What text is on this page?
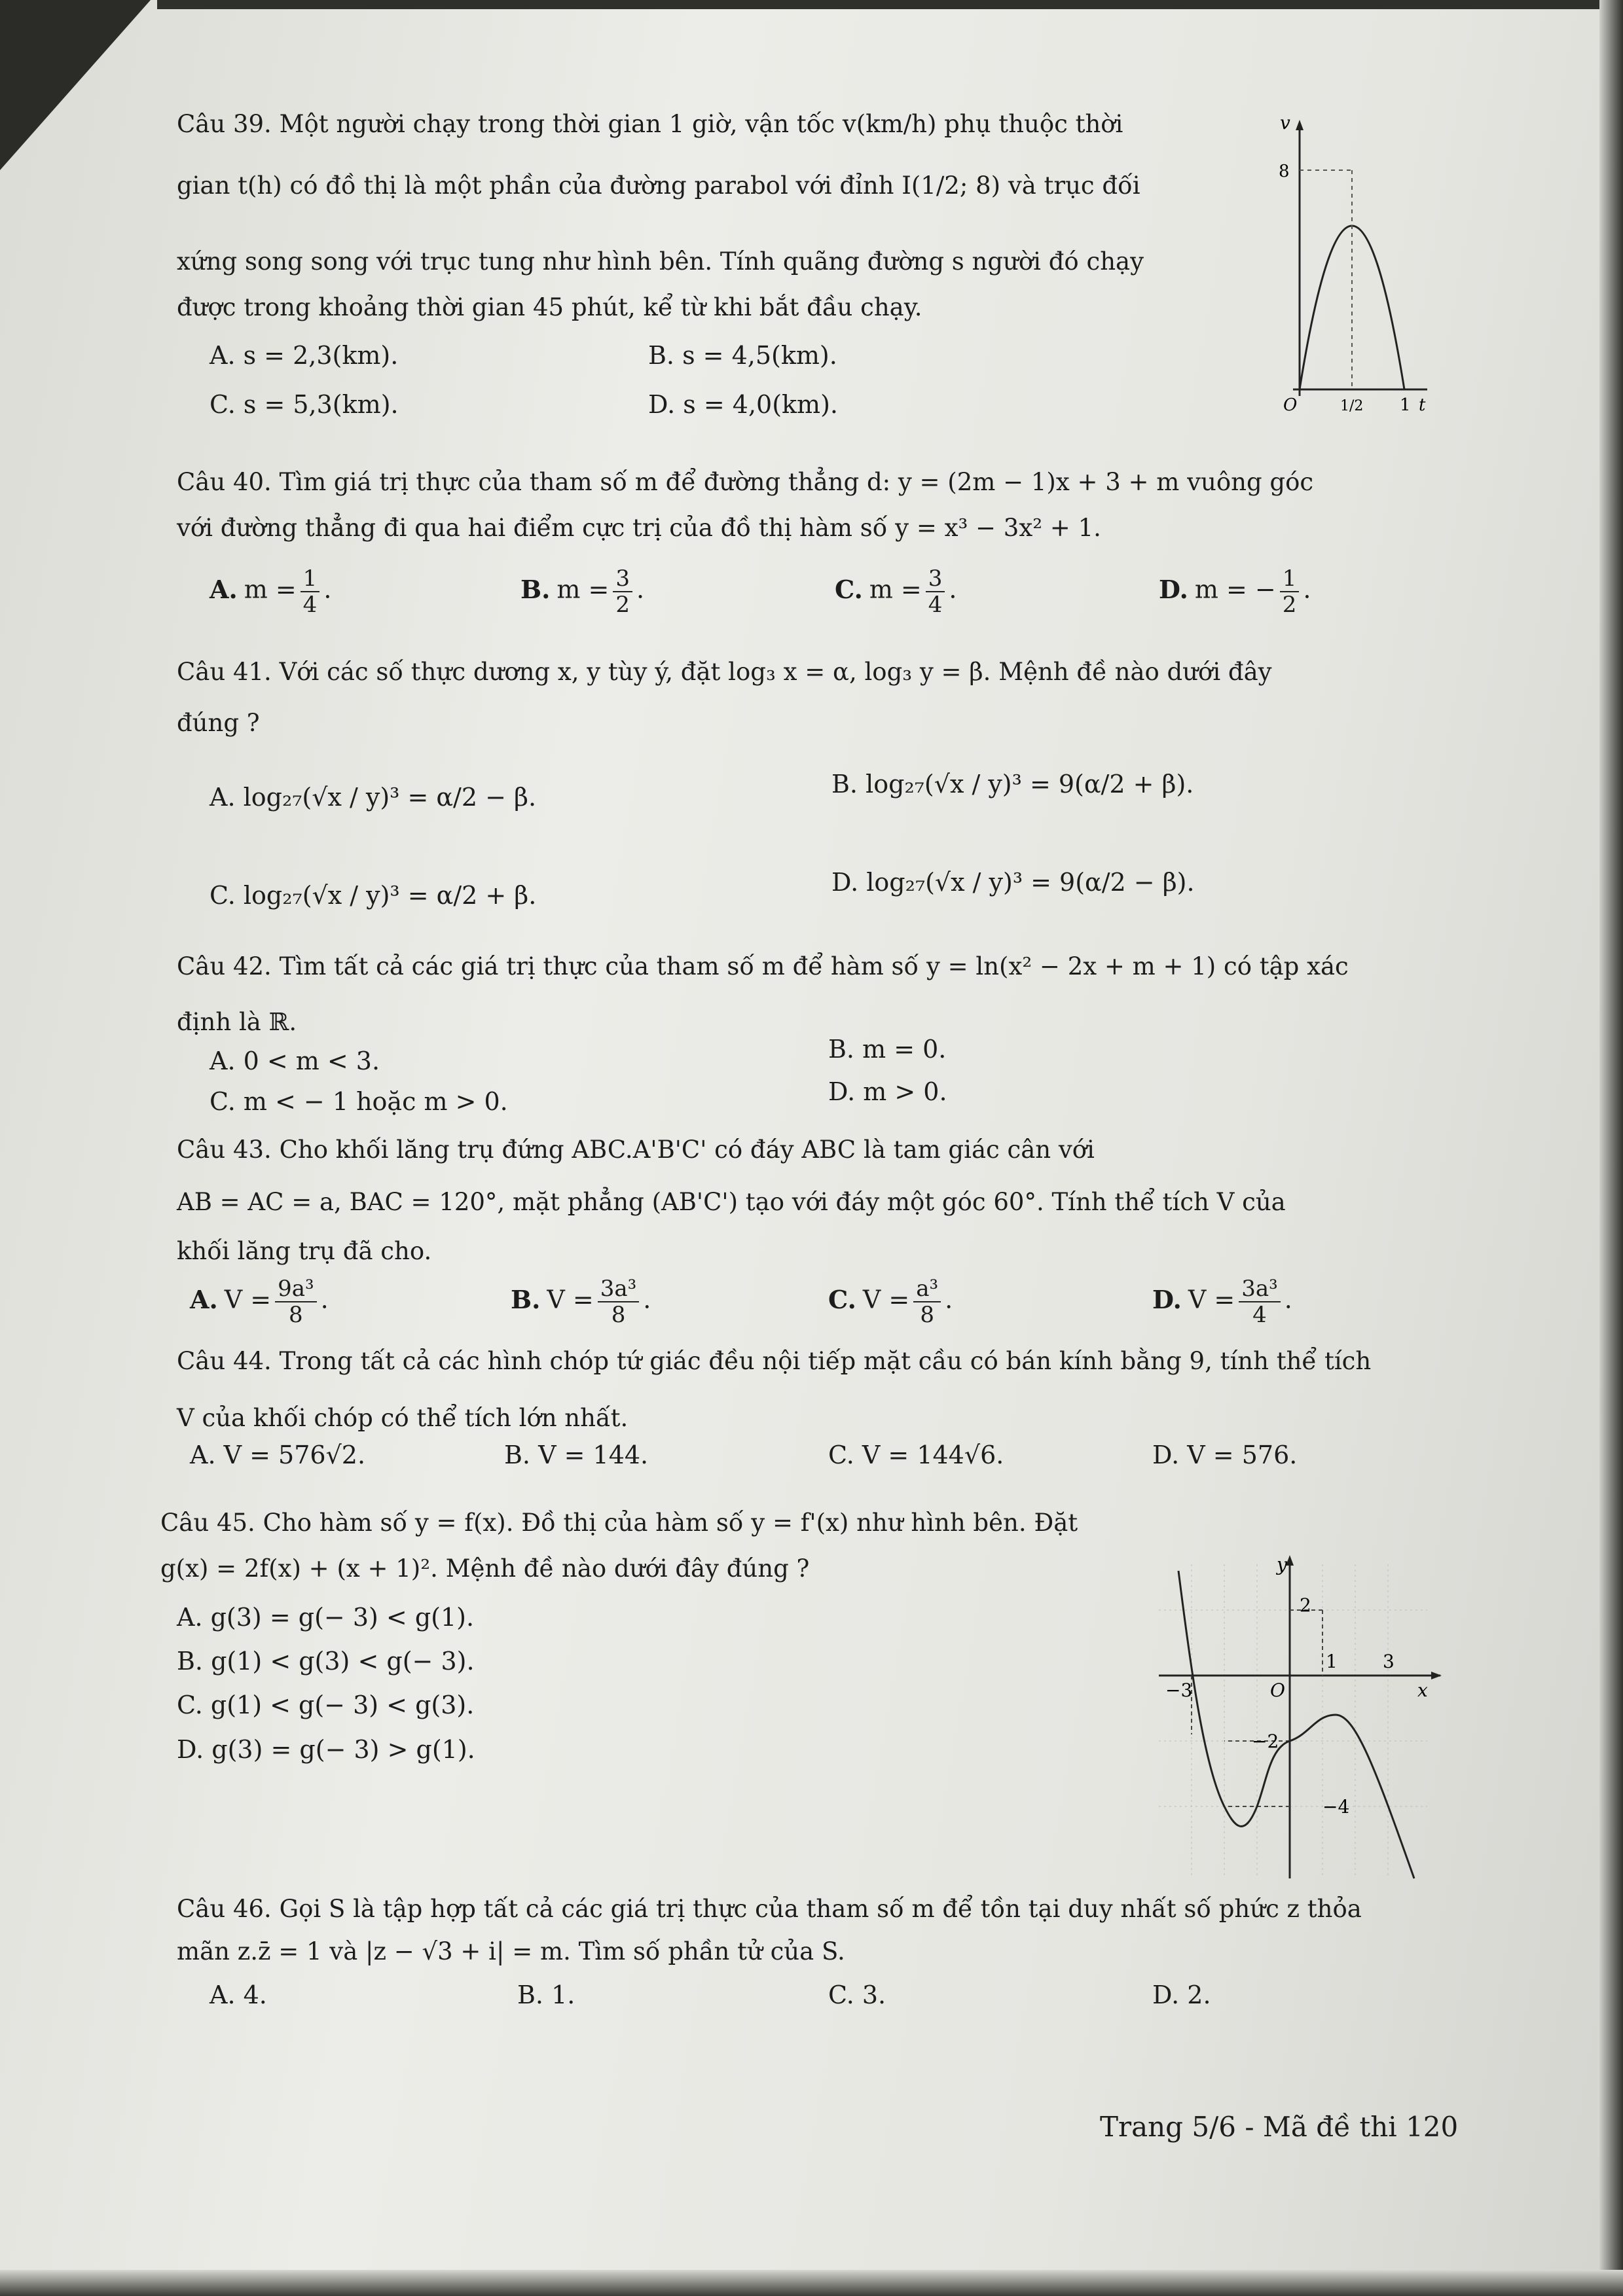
Câu 39. Một người chạy trong thời gian 1 giờ, vận tốc v(km/h) phụ thuộc thời
gian t(h) có đồ thị là một phần của đường parabol với đỉnh I(1/2; 8) và trục đối
xứng song song với trục tung như hình bên. Tính quãng đường s người đó chạy
được trong khoảng thời gian 45 phút, kể từ khi bắt đầu chạy.
A. s = 2,3(km).	B. s = 4,5(km).
C. s = 5,3(km).	D. s = 4,0(km).
v
8
O	1/2 1 t
Câu 40. Tìm giá trị thực của tham số m để đường thẳng d: y = (2m − 1)x + 3 + m vuông góc
với đường thẳng đi qua hai điểm cực trị của đồ thị hàm số y = x³ − 3x² + 1.
A. $m = \frac{1}{4}$ .	B. $m = \frac{3}{2}$ .	C. $m = \frac{3}{4}$ .	D. m = − $\frac{1}{2}$ .
Câu 41. Với các số thực dương x, y tùy ý, đặt log₃ x = α, log₃ y = β. Mệnh đề nào dưới đây
đúng ?
A. log₂₇(√x / y)³ = α/2 − β.	B. log₂₇(√x / y)³ = 9(α/2 + β).
C. log₂₇(√x / y)³ = α/2 + β.	D. log₂₇(√x / y)³ = 9(α/2 − β).
Câu 42. Tìm tất cả các giá trị thực của tham số m để hàm số y = ln(x² − 2x + m + 1) có tập xác
định là ℝ.
A. 0 < m < 3.	B. m = 0.
C. m < − 1 hoặc m > 0.	D. m > 0.
Câu 43. Cho khối lăng trụ đứng ABC.A'B'C' có đáy ABC là tam giác cân với
AB = AC = a, BAC = 120°, mặt phẳng (AB'C') tạo với đáy một góc 60°. Tính thể tích V của
khối lăng trụ đã cho.
A. $V = \frac{\text{9a³}}{8}$ .	B. $V = \frac{\text{3a³}}{8}$ .	C. $V = \frac{\text{a³}}{8}$ .	D. $V = \frac{\text{3a³}}{4}$ .
Câu 44. Trong tất cả các hình chóp tứ giác đều nội tiếp mặt cầu có bán kính bằng 9, tính thể tích
V của khối chóp có thể tích lớn nhất.
A. V = 576√2.	B. V = 144.	C. V = 144√6.	D. V = 576.
Câu 45. Cho hàm số y = f(x). Đồ thị của hàm số y = f'(x) như hình bên. Đặt
g(x) = 2f(x) + (x + 1)². Mệnh đề nào dưới đây đúng ?
A. g(3) = g(− 3) < g(1).
B. g(1) < g(3) < g(− 3).
C. g(1) < g(− 3) < g(3).
D. g(3) = g(− 3) > g(1).
y
2
1 3
−3	O	x
−2
−4
Câu 46. Gọi S là tập hợp tất cả các giá trị thực của tham số m để tồn tại duy nhất số phức z thỏa
mãn z.z̄ = 1 và |z − √3 + i| = m. Tìm số phần tử của S.
A. 4.	B. 1.	C. 3.	D. 2.
Trang 5/6 - Mã đề thi 120
